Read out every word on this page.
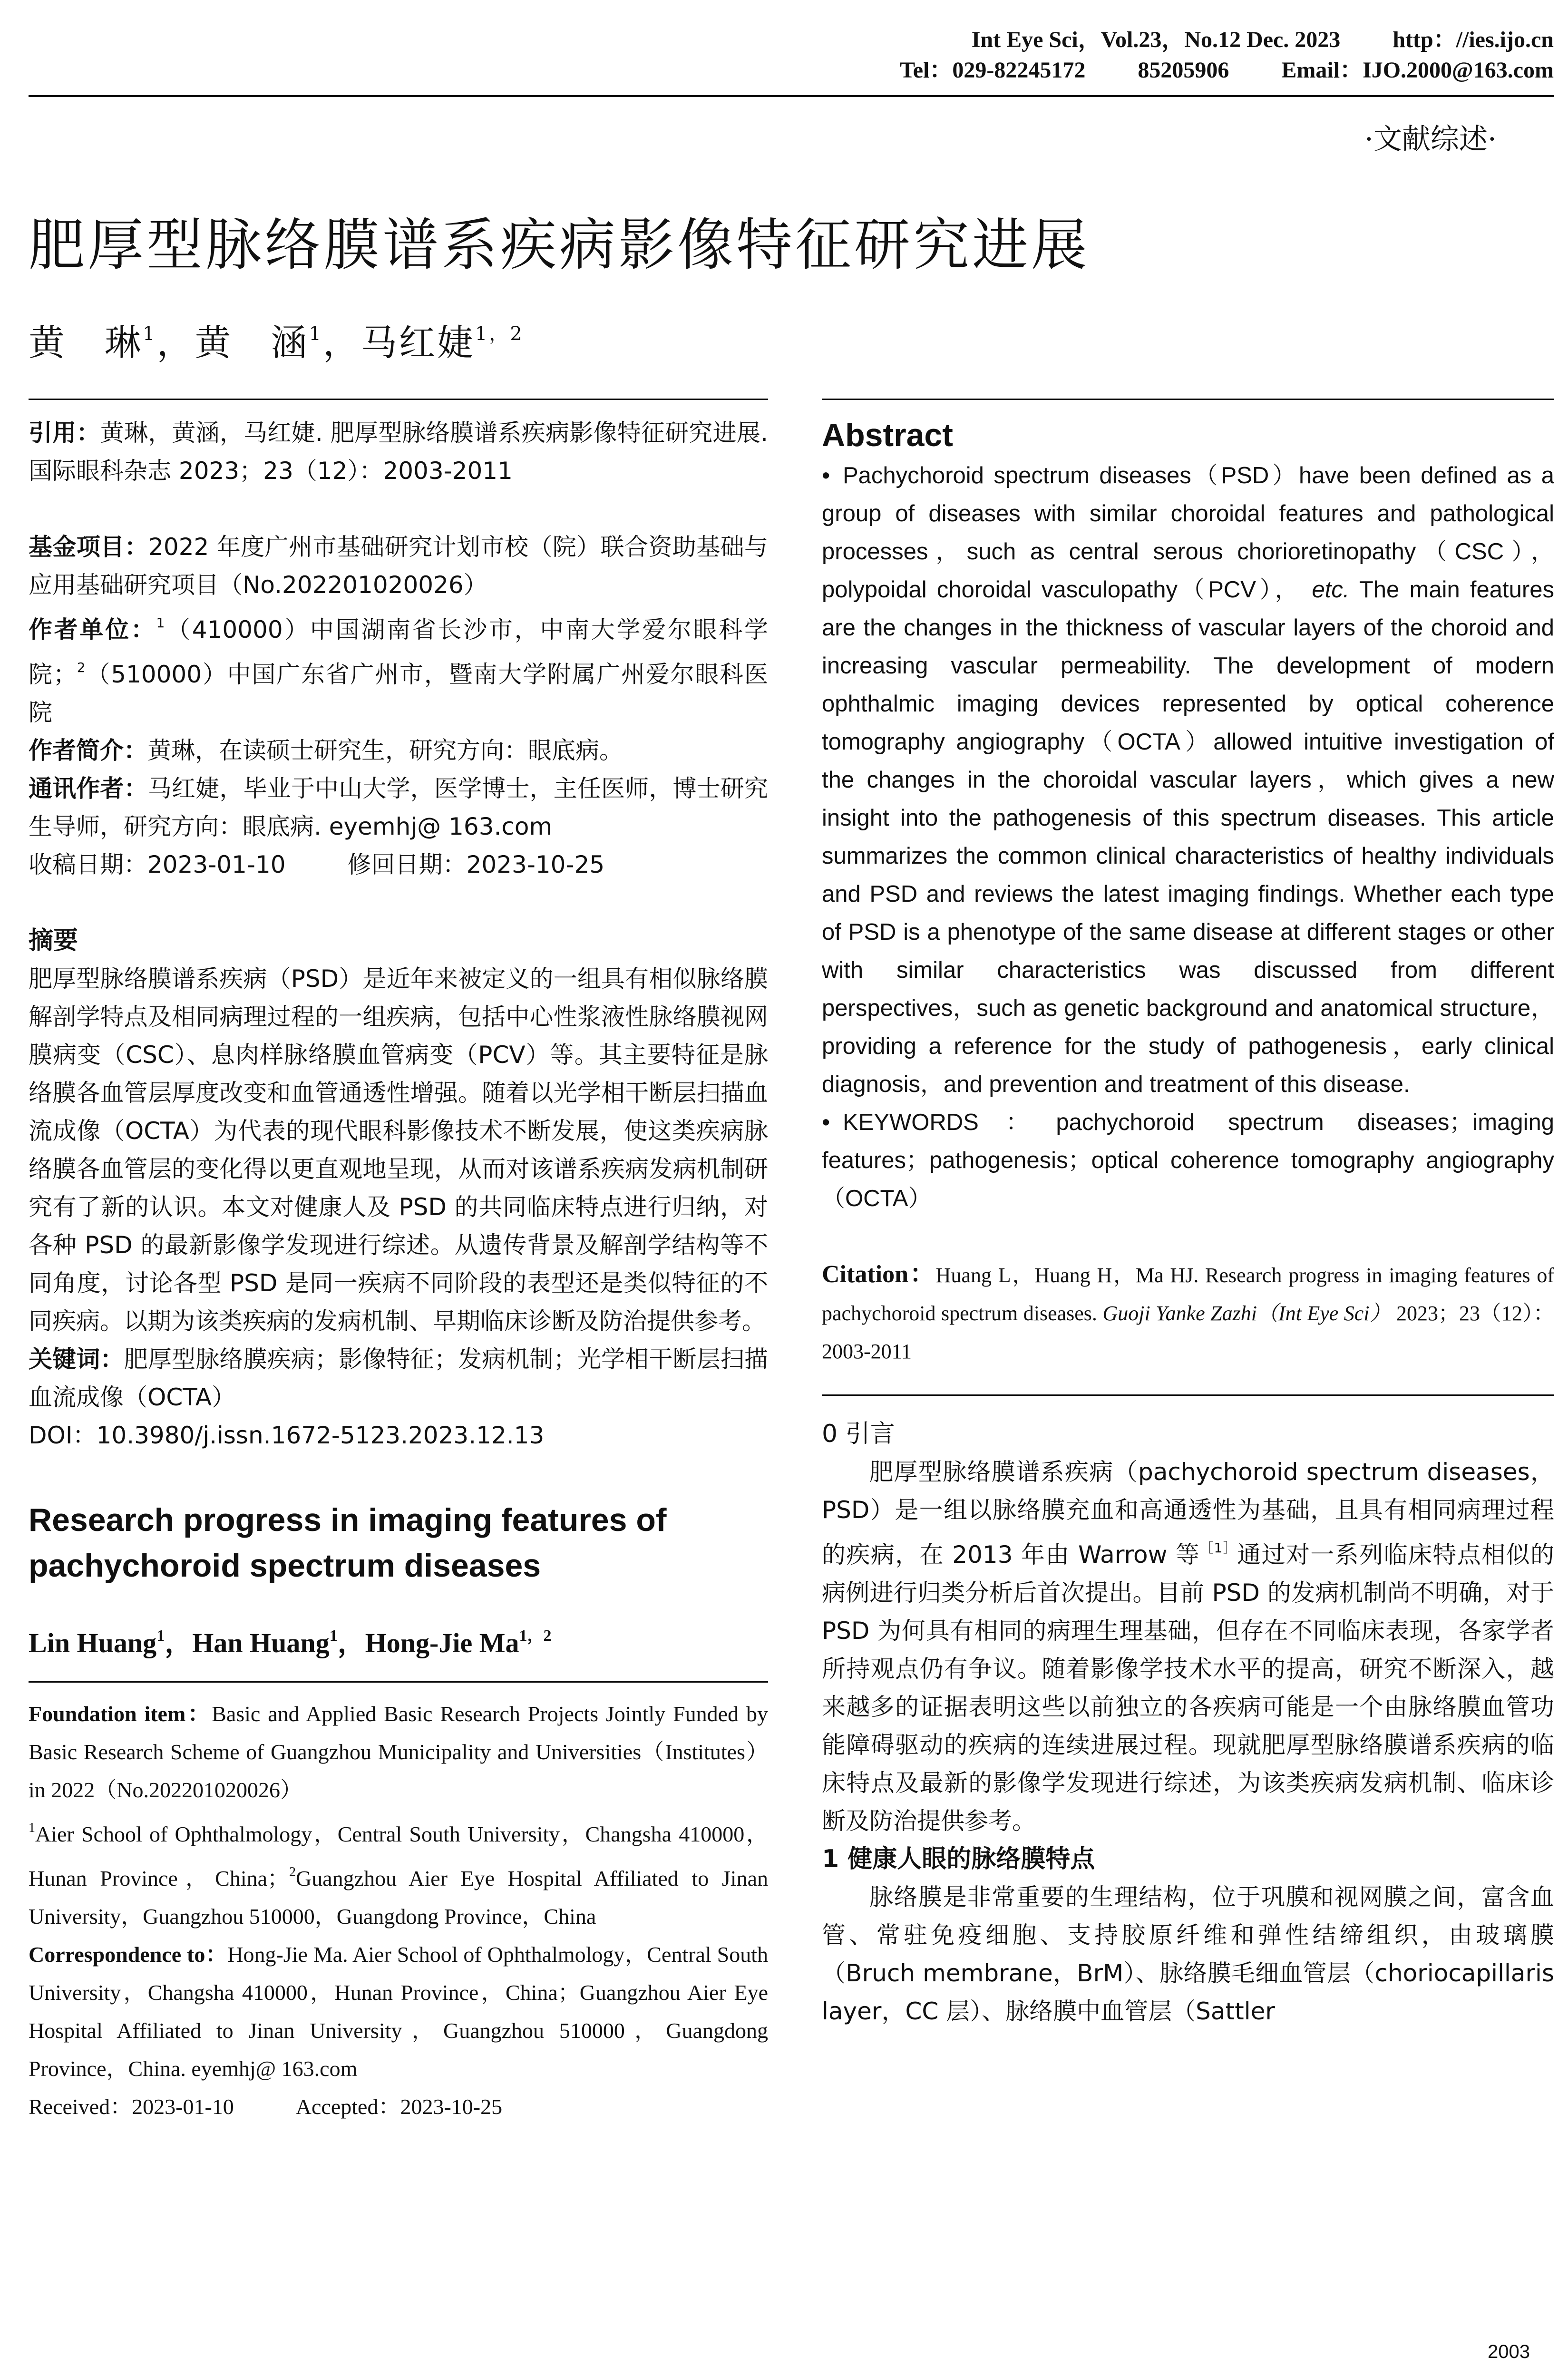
Int Eye Sci，Vol.23，No.12 Dec. 2023 http：//ies.ijo.cn
Tel：029-82245172 85205906 Email：IJO.2000@163.com
·文献综述·
肥厚型脉络膜谱系疾病影像特征研究进展
黄　琳$^1$，黄　涵$^1$，马红婕$^{1,2}$

引用：黄琳，黄涵，马红婕. 肥厚型脉络膜谱系疾病影像特征研究进展. 国际眼科杂志 2023；23（12）：2003-2011

基金项目：2022 年度广州市基础研究计划市校（院）联合资助基础与应用基础研究项目（No.202201020026）

作者单位：$^1$（410000）中国湖南省长沙市，中南大学爱尔眼科学院；$^2$（510000）中国广东省广州市，暨南大学附属广州爱尔眼科医院

作者简介：黄琳，在读硕士研究生，研究方向：眼底病。

通讯作者：马红婕，毕业于中山大学，医学博士，主任医师，博士研究生导师，研究方向：眼底病. eyemhj@ 163.com

收稿日期：2023-01-10	修回日期：2023-10-25

摘要

肥厚型脉络膜谱系疾病（PSD）是近年来被定义的一组具有相似脉络膜解剖学特点及相同病理过程的一组疾病，包括中心性浆液性脉络膜视网膜病变（CSC）、息肉样脉络膜血管病变（PCV）等。其主要特征是脉络膜各血管层厚度改变和血管通透性增强。随着以光学相干断层扫描血流成像（OCTA）为代表的现代眼科影像技术不断发展，使这类疾病脉络膜各血管层的变化得以更直观地呈现，从而对该谱系疾病发病机制研究有了新的认识。本文对健康人及 PSD 的共同临床特点进行归纳，对各种 PSD 的最新影像学发现进行综述。从遗传背景及解剖学结构等不同角度，讨论各型 PSD 是同一疾病不同阶段的表型还是类似特征的不同疾病。以期为该类疾病的发病机制、早期临床诊断及防治提供参考。

关键词：肥厚型脉络膜疾病；影像特征；发病机制；光学相干断层扫描血流成像（OCTA）

DOI：10.3980/j.issn.1672-5123.2023.12.13

Research progress in imaging features of pachychoroid spectrum diseases

Lin Huang$^1$，Han Huang$^1$，Hong-Jie $Ma^{1,2}$

Foundation item：Basic and Applied Basic Research Projects Jointly Funded by Basic Research Scheme of Guangzhou Municipality and Universities（Institutes）in 2022（No.202201020026）

$^1$Aier School of Ophthalmology，Central South University，Changsha 410000，Hunan Province，China；$^2$Guangzhou Aier Eye Hospital Affiliated to Jinan University，Guangzhou 510000，Guangdong Province，China

Correspondence to：Hong-Jie Ma. Aier School of Ophthalmology，Central South University，Changsha 410000，Hunan Province，China；Guangzhou Aier Eye Hospital Affiliated to Jinan University，Guangzhou 510000，Guangdong Province，China. eyemhj@ 163.com

Received：2023-01-10	Accepted：2023-10-25

Abstract

• Pachychoroid spectrum diseases（PSD）have been defined as a group of diseases with similar choroidal features and pathological processes，such as central serous chorioretinopathy（CSC），polypoidal choroidal vasculopathy（PCV）， etc. The main features are the changes in the thickness of vascular layers of the choroid and increasing vascular permeability. The development of modern ophthalmic imaging devices represented by optical coherence tomography angiography（OCTA）allowed intuitive investigation of the changes in the choroidal vascular layers，which gives a new insight into the pathogenesis of this spectrum diseases. This article summarizes the common clinical characteristics of healthy individuals and PSD and reviews the latest imaging findings. Whether each type of PSD is a phenotype of the same disease at different stages or other with similar characteristics was discussed from different perspectives，such as genetic background and anatomical structure，providing a reference for the study of pathogenesis，early clinical diagnosis，and prevention and treatment of this disease.

• KEYWORDS：pachychoroid spectrum diseases；imaging features；pathogenesis；optical coherence tomography angiography（OCTA）

Citation：Huang L，Huang H，Ma HJ. Research progress in imaging features of pachychoroid spectrum diseases. Guoji Yanke Zazhi（Int Eye Sci） 2023；23（12）：2003-2011

0 引言

肥厚型脉络膜谱系疾病（pachychoroid spectrum diseases，PSD）是一组以脉络膜充血和高通透性为基础，且具有相同病理过程的疾病，在 2013 年由 Warrow 等$^{[1]}$通过对一系列临床特点相似的病例进行归类分析后首次提出。目前 PSD 的发病机制尚不明确，对于 PSD 为何具有相同的病理生理基础，但存在不同临床表现，各家学者所持观点仍有争议。随着影像学技术水平的提高，研究不断深入，越来越多的证据表明这些以前独立的各疾病可能是一个由脉络膜血管功能障碍驱动的疾病的连续进展过程。现就肥厚型脉络膜谱系疾病的临床特点及最新的影像学发现进行综述，为该类疾病发病机制、临床诊断及防治提供参考。

1 健康人眼的脉络膜特点

脉络膜是非常重要的生理结构，位于巩膜和视网膜之间，富含血管、常驻免疫细胞、支持胶原纤维和弹性结缔组织，由玻璃膜（Bruch membrane，BrM）、脉络膜毛细血管层（choriocapillaris layer，CC 层）、脉络膜中血管层（Sattler

2003
